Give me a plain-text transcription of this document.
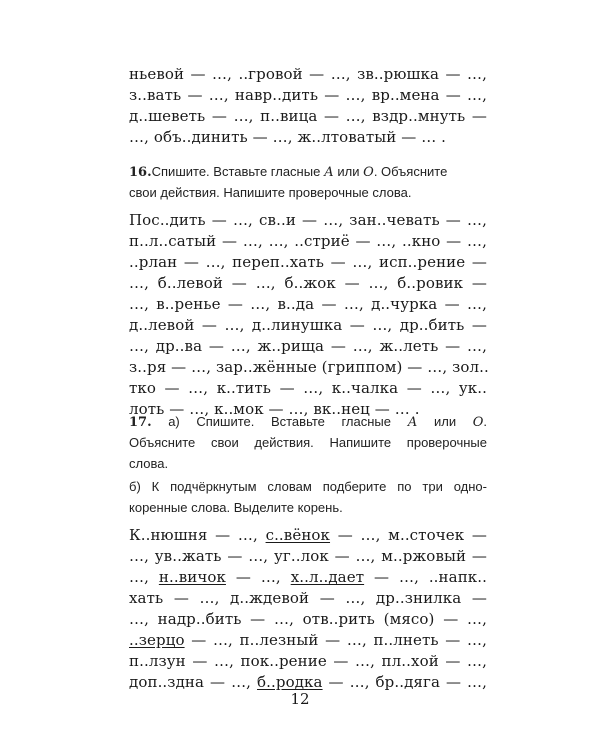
ньевой — …, ..гровой — …, зв..рюшка — …,
з..вать — …, навр..дить — …, вр..мена — …,
д..шеветь — …, п..вица — …, вздр..мнуть —
…, объ..динить — …, ж..лтоватый — … .
16.Спишите. Вставьте гласные А или О. Объясните
свои действия. Напишите проверочные слова.
Пос..дить — …, св..и — …, зан..чевать — …,
п..л..сатый — …, …, ..стриё — …, ..кно — …,
..рлан — …, переп..хать — …, исп..рение —
…, б..левой — …, б..жок — …, б..ровик —
…, в..ренье — …, в..да — …, д..чурка — …,
д..левой — …, д..линушка — …, др..бить —
…, др..ва — …, ж..рища — …, ж..леть — …,
з..ря — …, зар..жённые (гриппом) — …, зол..
тко — …, к..тить — …, к..чалка — …, ук..
лоть — …, к..мок — …, вк..нец — … .
17. а) Спишите. Вставьте гласные А или О.
Объясните свои действия. Напишите проверочные
слова.
б) К подчёркнутым словам подберите по три одно-
коренные слова. Выделите корень.
К..нюшня — …, с..вёнок — …, м..сточек —
…, ув..жать — …, уг..лок — …, м..ржовый —
…, н..вичок — …, х..л..дает — …, ..напк..
хать — …, д..ждевой — …, др..знилка —
…, надр..бить — …, отв..рить (мясо) — …,
..зерцо — …, п..лезный — …, п..лнеть — …,
п..лзун — …, пок..рение — …, пл..хой — …,
доп..здна — …, б..родка — …, бр..дяга — …,
12
